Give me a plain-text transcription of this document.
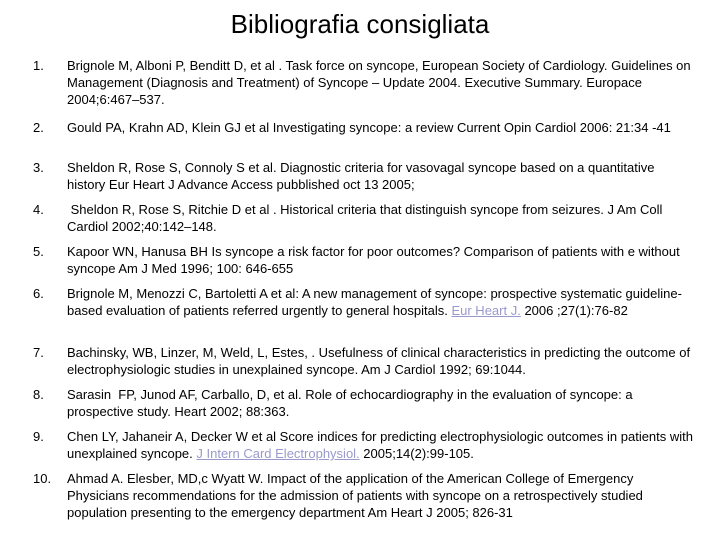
Bibliografia consigliata
1. Brignole M, Alboni P, Benditt D, et al . Task force on syncope, European Society of Cardiology. Guidelines on Management (Diagnosis and Treatment) of Syncope – Update 2004. Executive Summary. Europace 2004;6:467–537.
2. Gould PA, Krahn AD, Klein GJ et al Investigating syncope: a review Current Opin Cardiol 2006: 21:34 -41
3. Sheldon R, Rose S, Connoly S et al. Diagnostic criteria for vasovagal syncope based on a quantitative history Eur Heart J Advance Access pubblished oct 13 2005;
4. Sheldon R, Rose S, Ritchie D et al . Historical criteria that distinguish syncope from seizures. J Am Coll Cardiol 2002;40:142–148.
5. Kapoor WN, Hanusa BH Is syncope a risk factor for poor outcomes? Comparison of patients with e without syncope Am J Med 1996; 100: 646-655
6. Brignole M, Menozzi C, Bartoletti A et al: A new management of syncope: prospective systematic guideline-based evaluation of patients referred urgently to general hospitals. Eur Heart J. 2006 ;27(1):76-82
7. Bachinsky, WB, Linzer, M, Weld, L, Estes, . Usefulness of clinical characteristics in predicting the outcome of electrophysiologic studies in unexplained syncope. Am J Cardiol 1992; 69:1044.
8. Sarasin  FP, Junod AF, Carballo, D, et al. Role of echocardiography in the evaluation of syncope: a prospective study. Heart 2002; 88:363.
9. Chen LY, Jahaneir A, Decker W et al Score indices for predicting electrophysiologic outcomes in patients with unexplained syncope. J Intern Card Electrophysiol. 2005;14(2):99-105.
10. Ahmad A. Elesber, MD,c Wyatt W. Impact of the application of the American College of Emergency Physicians recommendations for the admission of patients with syncope on a retrospectively studied population presenting to the emergency department Am Heart J 2005; 826-31
